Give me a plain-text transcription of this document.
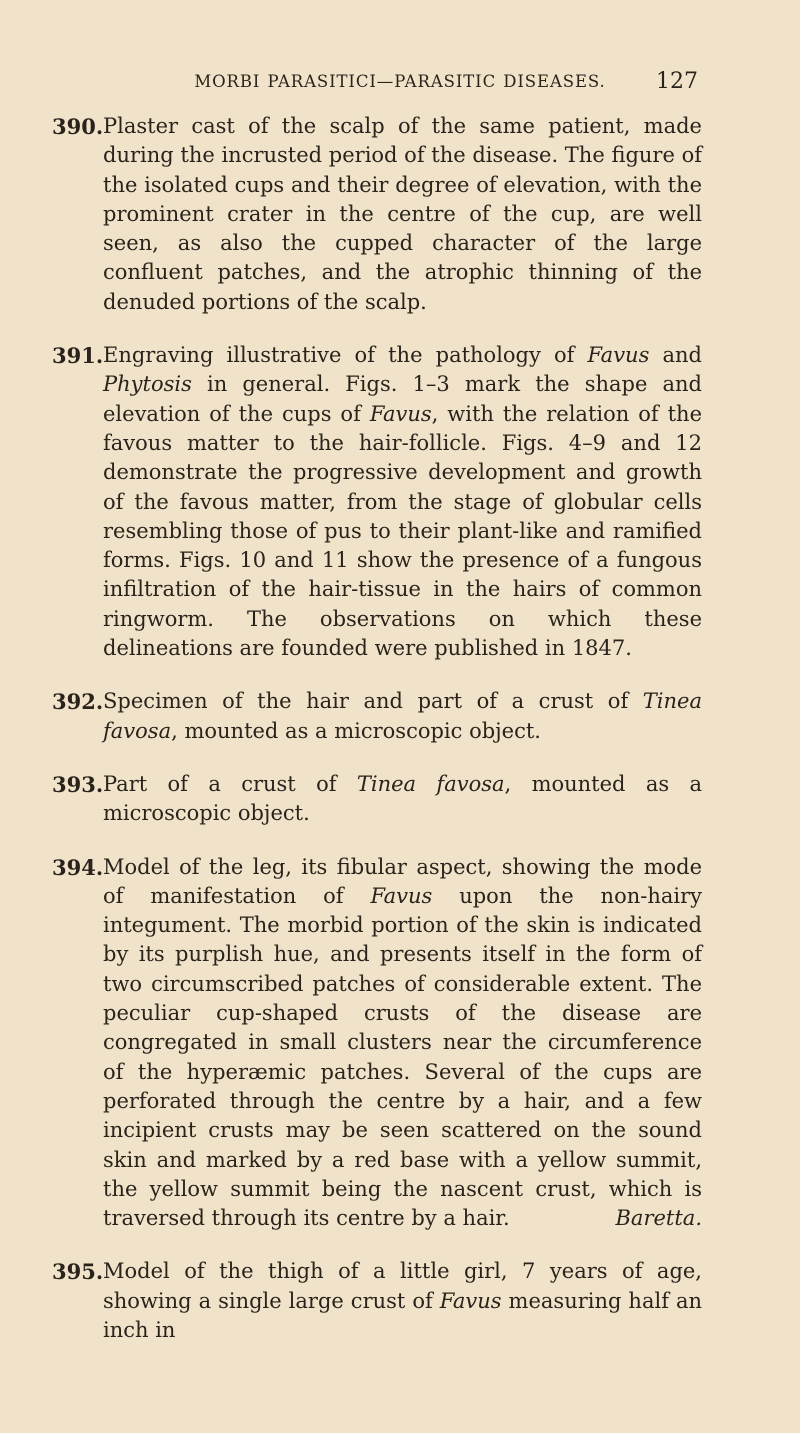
MORBI PARASITICI—PARASITIC DISEASES.	127
390. Plaster cast of the scalp of the same patient, made during the incrusted period of the disease. The figure of the isolated cups and their degree of elevation, with the prominent crater in the centre of the cup, are well seen, as also the cupped character of the large confluent patches, and the atrophic thinning of the denuded portions of the scalp.
391. Engraving illustrative of the pathology of Favus and Phytosis in general. Figs. 1–3 mark the shape and elevation of the cups of Favus, with the relation of the favous matter to the hair-follicle. Figs. 4–9 and 12 demonstrate the progressive development and growth of the favous matter, from the stage of globular cells resembling those of pus to their plant-like and ramified forms. Figs. 10 and 11 show the presence of a fungous infiltration of the hair-tissue in the hairs of common ringworm. The observations on which these delineations are founded were published in 1847.
392. Specimen of the hair and part of a crust of Tinea favosa, mounted as a microscopic object.
393. Part of a crust of Tinea favosa, mounted as a microscopic object.
394. Model of the leg, its fibular aspect, showing the mode of manifestation of Favus upon the non-hairy integument. The morbid portion of the skin is indicated by its purplish hue, and presents itself in the form of two circumscribed patches of considerable extent. The peculiar cup-shaped crusts of the disease are congregated in small clusters near the circumference of the hyperæmic patches. Several of the cups are perforated through the centre by a hair, and a few incipient crusts may be seen scattered on the sound skin and marked by a red base with a yellow summit, the yellow summit being the nascent crust, which is traversed through its centre by a hair.	Baretta.
395. Model of the thigh of a little girl, 7 years of age, showing a single large crust of Favus measuring half an inch in
